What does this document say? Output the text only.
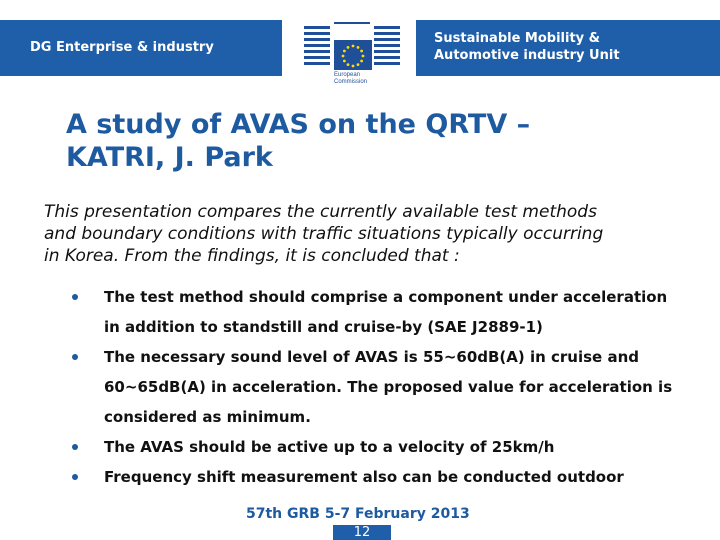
DG Enterprise & industry
Sustainable Mobility &
Automotive industry Unit
European
Commission
A study of AVAS on the QRTV –
KATRI, J. Park
This presentation compares the currently available test methods
and boundary conditions with traffic situations typically occurring
in Korea. From the findings, it is concluded that :
The test method should comprise a component under acceleration
in addition to standstill and cruise-by (SAE J2889-1)
The necessary sound level of AVAS is 55~60dB(A) in cruise and
60~65dB(A) in acceleration. The proposed value for acceleration is
considered as minimum.
The AVAS should be active up to a velocity of 25km/h
Frequency shift measurement also can be conducted outdoor
57th GRB 5-7 February 2013
12
